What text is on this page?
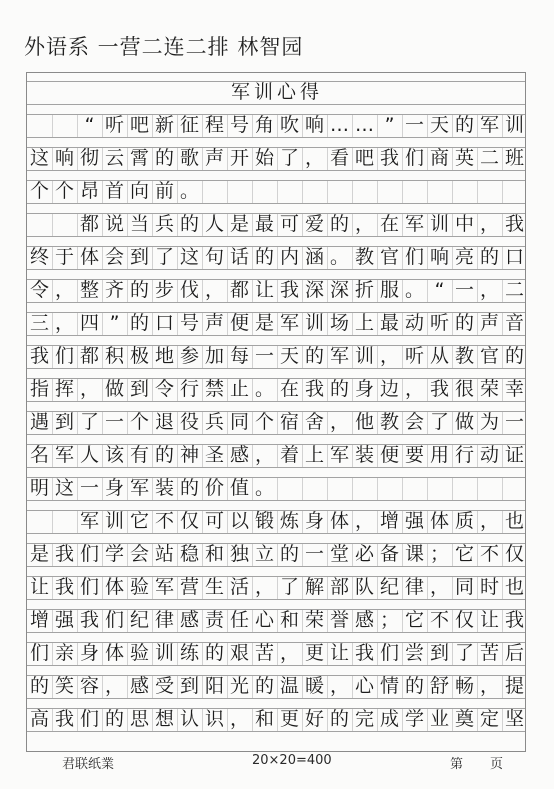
外语系 一营二连二排 林智园
军训心得
“ 听 吧 新 征 程 号 角 吹 响 … … ” 一 天 的 军 训
这 响 彻 云 霄 的 歌 声 开 始 了 ， 看 吧 我 们 商 英 二 班
个 个 昂 首 向 前 。
都 说 当 兵 的 人 是 最 可 爱 的 ， 在 军 训 中 ， 我
终 于 体 会 到 了 这 句 话 的 内 涵 。 教 官 们 响 亮 的 口
令 ， 整 齐 的 步 伐 ， 都 让 我 深 深 折 服 。 “ 一 ， 二
三 ， 四 ” 的 口 号 声 便 是 军 训 场 上 最 动 听 的 声 音
我 们 都 积 极 地 参 加 每 一 天 的 军 训 ， 听 从 教 官 的
指 挥 ， 做 到 令 行 禁 止 。 在 我 的 身 边 ， 我 很 荣 幸
遇 到 了 一 个 退 役 兵 同 个 宿 舍 ， 他 教 会 了 做 为 一
名 军 人 该 有 的 神 圣 感 ， 着 上 军 装 便 要 用 行 动 证
明 这 一 身 军 装 的 价 值 。
军 训 它 不 仅 可 以 锻 炼 身 体 ， 增 强 体 质 ， 也
是 我 们 学 会 站 稳 和 独 立 的 一 堂 必 备 课 ； 它 不 仅
让 我 们 体 验 军 营 生 活 ， 了 解 部 队 纪 律 ， 同 时 也
增 强 我 们 纪 律 感 责 任 心 和 荣 誉 感 ； 它 不 仅 让 我
们 亲 身 体 验 训 练 的 艰 苦 ， 更 让 我 们 尝 到 了 苦 后
的 笑 容 ， 感 受 到 阳 光 的 温 暖 ， 心 情 的 舒 畅 ， 提
高 我 们 的 思 想 认 识 ， 和 更 好 的 完 成 学 业 奠 定 坚
君联纸業	20×20=400	第 页
